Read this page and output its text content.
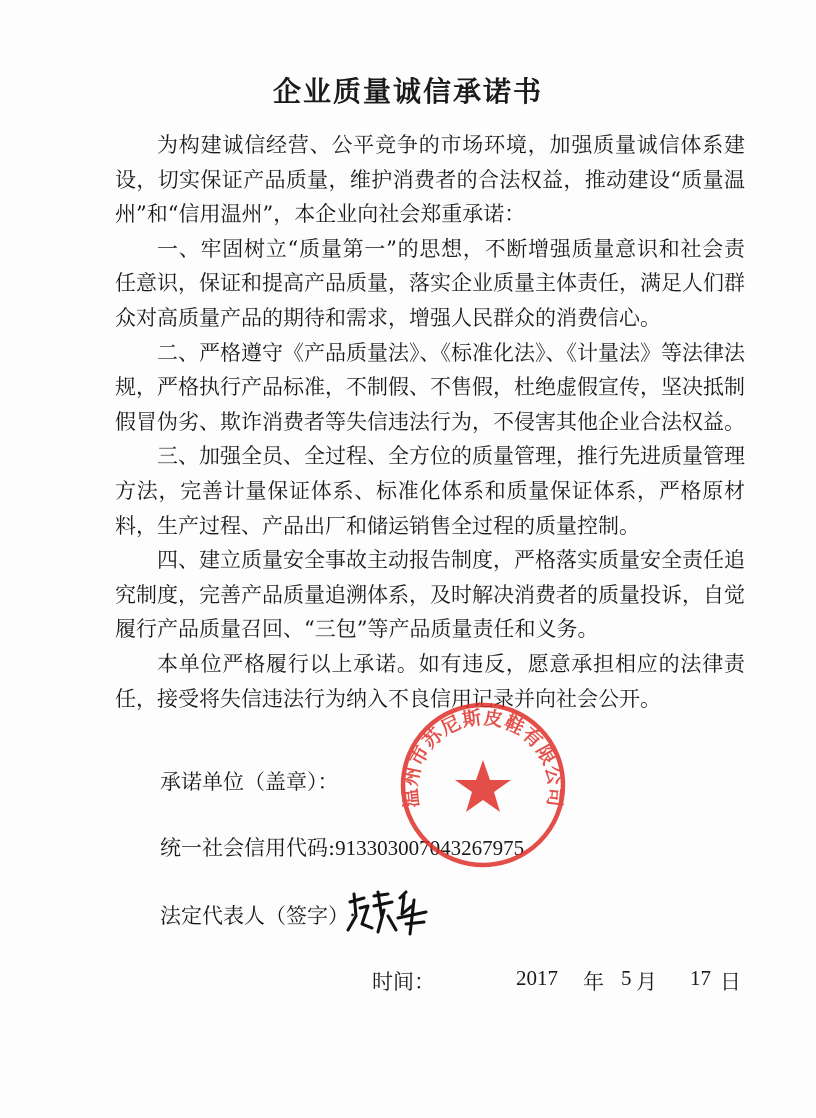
企业质量诚信承诺书

为构建诚信经营、公平竞争的市场环境，加强质量诚信体系建设，切实保证产品质量，维护消费者的合法权益，推动建设“质量温州”和“信用温州”，本企业向社会郑重承诺：

一、牢固树立“质量第一”的思想，不断增强质量意识和社会责任意识，保证和提高产品质量，落实企业质量主体责任，满足人们群众对高质量产品的期待和需求，增强人民群众的消费信心。

二、严格遵守《产品质量法》、《标准化法》、《计量法》等法律法规，严格执行产品标准，不制假、不售假，杜绝虚假宣传，坚决抵制假冒伪劣、欺诈消费者等失信违法行为，不侵害其他企业合法权益。

三、加强全员、全过程、全方位的质量管理，推行先进质量管理方法，完善计量保证体系、标准化体系和质量保证体系，严格原材料，生产过程、产品出厂和储运销售全过程的质量控制。

四、建立质量安全事故主动报告制度，严格落实质量安全责任追究制度，完善产品质量追溯体系，及时解决消费者的质量投诉，自觉履行产品质量召回、“三包”等产品质量责任和义务。

本单位严格履行以上承诺。如有违反，愿意承担相应的法律责任，接受将失信违法行为纳入不良信用记录并向社会公开。

承诺单位（盖章）：
统一社会信用代码:913303007043267975
法定代表人（签字）:
时间：	2017 年 5 月 17 日
温州市苏尼斯皮鞋有限公司
